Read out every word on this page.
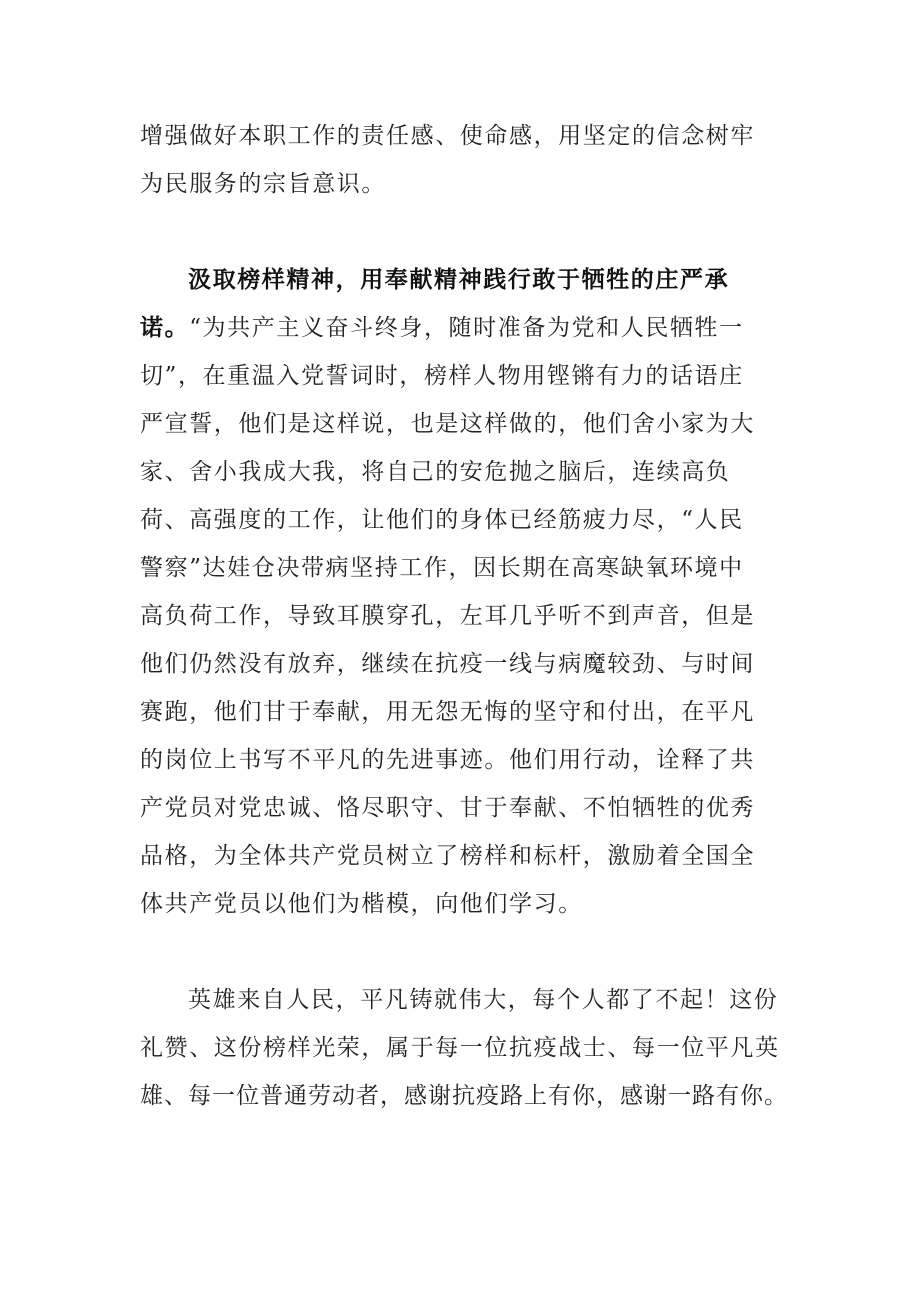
增强做好本职工作的责任感、使命感，用坚定的信念树牢
为民服务的宗旨意识。
汲取榜样精神，用奉献精神践行敢于牺牲的庄严承
诺。“为共产主义奋斗终身，随时准备为党和人民牺牲一
切”，在重温入党誓词时，榜样人物用铿锵有力的话语庄
严宣誓，他们是这样说，也是这样做的，他们舍小家为大
家、舍小我成大我，将自己的安危抛之脑后，连续高负
荷、高强度的工作，让他们的身体已经筋疲力尽，“人民
警察”达娃仓决带病坚持工作，因长期在高寒缺氧环境中
高负荷工作，导致耳膜穿孔，左耳几乎听不到声音，但是
他们仍然没有放弃，继续在抗疫一线与病魔较劲、与时间
赛跑，他们甘于奉献，用无怨无悔的坚守和付出，在平凡
的岗位上书写不平凡的先进事迹。他们用行动，诠释了共
产党员对党忠诚、恪尽职守、甘于奉献、不怕牺牲的优秀
品格，为全体共产党员树立了榜样和标杆，激励着全国全
体共产党员以他们为楷模，向他们学习。
英雄来自人民，平凡铸就伟大，每个人都了不起！这份
礼赞、这份榜样光荣，属于每一位抗疫战士、每一位平凡英
雄、每一位普通劳动者，感谢抗疫路上有你，感谢一路有你。
